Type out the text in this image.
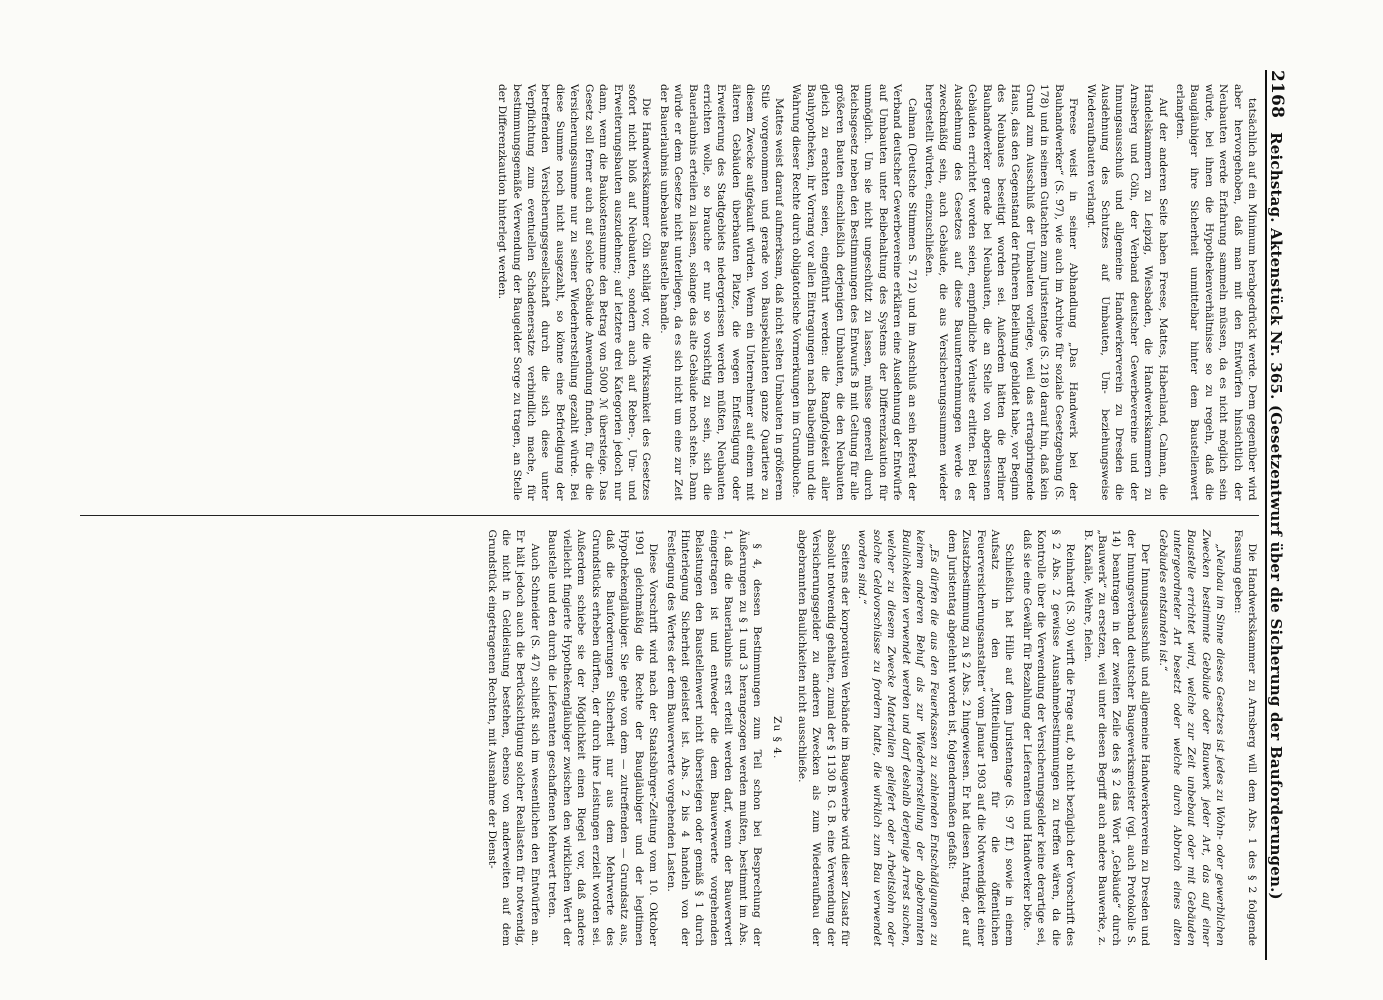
2168
Reichstag. Aktenstück Nr. 365. (Gesetzentwurf über die Sicherung der Bauforderungen.)

tatsächlich auf ein Minimum herabgedrückt werde. Dem gegenüber wird aber hervorgehoben, daß man mit den Entwürfen hinsichtlich der Neubauten werde Erfahrung sammeln müssen, da es nicht möglich sein würde, bei ihnen die Hypothekenverhältnisse so zu regeln, daß die Baugläubiger ihre Sicherheit unmittelbar hinter dem Baustellenwert erlangten.

Auf der anderen Seite haben Freese, Mattes, Habenland, Calman, die Handelskammern zu Leipzig, Wiesbaden, die Handwerkskammern zu Arnsberg und Cöln, der Verband deutscher Gewerbevereine und der Innungsausschuß und allgemeine Handwerkerverein zu Dresden die Ausdehnung des Schutzes auf Umbauten, Um- beziehungsweise Wiederaufbauten verlangt.

Freese weist in seiner Abhandlung „Das Handwerk bei der Bauhandwerker“ (S. 97), wie auch im Archive für soziale Gesetzgebung (S. 178) und in seinem Gutachten zum Juristentage (S. 218) darauf hin, daß kein Grund zum Ausschluß der Umbauten vorliege, weil das ertragbringende Haus, das den Gegenstand der früheren Beleihung gebildet habe, vor Beginn des Neubaues beseitigt worden sei. Außerdem hätten die Berliner Bauhandwerker gerade bei Neubauten, die an Stelle von abgerissenen Gebäuden errichtet worden seien, empfindliche Verluste erlitten. Bei der Ausdehnung des Gesetzes auf diese Bauunternehmungen werde es zweckmäßig sein, auch Gebäude, die aus Versicherungssummen wieder hergestellt würden, einzuschließen.

Calman (Deutsche Stimmen S. 712) und im Anschluß an sein Referat der Verband deutscher Gewerbevereine erklären eine Ausdehnung der Entwürfe auf Umbauten unter Beibehaltung des Systems der Differenzkaution für unmöglich. Um sie nicht ungeschützt zu lassen, müsse generell durch Reichsgesetz neben den Bestimmungen des Entwurfs B mit Geltung für alle größeren Bauten einschließlich derjenigen Umbauten, die den Neubauten gleich zu erachten seien, eingeführt werden: die Rangfolgekeit aller Bauhypotheken, ihr Vorrang vor allen Eintragungen nach Baubeginn und die Wahrung dieser Rechte durch obligatorische Vormerkungen im Grundbuche.

Mattes weist darauf aufmerksam, daß nicht selten Umbauten in größerem Stile vorgenommen und gerade von Bauspekulanten ganze Quartiere zu diesem Zwecke aufgekauft würden. Wenn ein Unternehmer auf einem mit älteren Gebäuden überbauten Platze, die wegen Entfestigung oder Erweiterung des Stadtgebiets niedergerissen werden müßten, Neubauten errichten wolle, so brauche er nur so vorsichtig zu sein, sich die Bauerlaubnis erteilen zu lassen, solange das alte Gebäude noch stehe. Dann würde er dem Gesetze nicht unterliegen, da es sich nicht um eine zur Zeit der Bauerlaubnis unbebaute Baustelle handle.

Die Handwerkskammer Cöln schlägt vor, die Wirksamkeit des Gesetzes sofort nicht bloß auf Neubauten, sondern auch auf Reben-, Um- und Erweiterungsbauten auszudehnen; auf letztere drei Kategorien jedoch nur dann, wenn die Baukostensumme den Betrag von 5000 ℳ übersteige. Das Gesetz soll ferner auch auf solche Gebäude Anwendung finden, für die die Versicherungssumme nur zu seiner Wiederherstellung gezahlt würde. Bei diese Summe noch nicht ausgezahlt, so könne eine Befriedigung der betreffenden Versicherungsgesellschaft durch die sich diese unter Verpflichtung zum eventuellen Schadenersatze verbindlich mache, für bestimmungsgemäße Verwendung der Baugelder Sorge zu tragen, an Stelle der Differenzkaution hinterlegt werden.

Die Handwerkskammer zu Arnsberg will dem Abs. 1 des § 2 folgende Fassung geben:

„Neubau im Sinne dieses Gesetzes ist jedes zu Wohn- oder gewerblichen Zwecken bestimmte Gebäude oder Bauwerk jeder Art, das auf einer Baustelle errichtet wird, welche zur Zeit unbebaut oder mit Gebäuden untergeordneter Art besetzt oder welche durch Abbruch eines alten Gebäudes entstanden ist.“

Der Innungsausschuß und allgemeine Handwerkerverein zu Dresden und der Innungsverband deutscher Baugewerksmeister (vgl. auch Protokolle S. 14) beantragen in der zweiten Zeile des § 2 das Wort „Gebäude“ durch „Bauwerk“ zu ersetzen, weil unter diesen Begriff auch andere Bauwerke, z. B. Kanäle, Wehre, fielen.

Reinhardt (S. 30) wirft die Frage auf, ob nicht bezüglich der Vorschrift des § 2 Abs. 2 gewisse Ausnahmebestimmungen zu treffen wären, da die Kontrolle über die Verwendung der Versicherungsgelder keine derartige sei, daß sie eine Gewähr für Bezahlung der Lieferanten und Handwerker böte.

Schließlich hat Hille auf dem Juristentage (S. 97 ff.) sowie in einem Aufsatz in den „Mitteilungen für die öffentlichen Feuerversicherungsanstalten“ vom Januar 1903 auf die Notwendigkeit einer Zusatzbestimmung zu § 2 Abs. 2 hingewiesen. Er hat diesen Antrag, der auf dem Juristentag abgelehnt worden ist, folgendermaßen gefaßt:

„Es dürfen die aus den Feuerkassen zu zahlenden Entschädigungen zu keinem anderen Behuf als zur Wiederherstellung der abgebrannten Baulichkeiten verwendet werden und darf deshalb derjenige Arrest suchen, welcher zu diesem Zwecke Materialien geliefert oder Arbeitslohn oder solche Geldvorschüsse zu fordern hatte, die wirklich zum Bau verwendet worden sind.“

Seitens der korporativen Verbände im Baugewerbe wird dieser Zusatz für absolut notwendig gehalten, zumal der § 1130 B. G. B. eine Verwendung der Versicherungsgelder zu anderen Zwecken als zum Wiederaufbau der abgebrannten Baulichkeiten nicht ausschließe.

Zu § 4.

§ 4, dessen Bestimmungen zum Teil schon bei Besprechung der Äußerungen zu § 1 und 3 herangezogen werden mußten, bestimmt im Abs. 1, daß die Bauerlaubnis erst erteilt werden darf, wenn der Bauwerwert eingetragen ist und entweder die dem Bauwerwerte vorgehenden Belastungen den Baustellenwert nicht übersteigen oder gemäß § 1 durch Hinterlegung Sicherheit geleistet ist. Abs. 2 bis 4 handeln von der Festlegung des Wertes der dem Bauwerwerte vorgehenden Lasten.

Diese Vorschrift wird nach der Staatsbürger-Zeitung vom 10. Oktober 1901 gleichmäßig die Rechte der Baugläubiger und der legitimen Hypothekengläubiger. Sie gehe von dem — zutreffenden — Grundsatz aus, daß die Bauforderungen Sicherheit nur aus dem Mehrwerte des Grundstücks erheben dürften, der durch ihre Leistungen erzielt worden sei. Außerdem schiebe sie der Möglichkeit einen Riegel vor, daß andere vielleicht fingierte Hypothekengläubiger zwischen den wirklichen Wert der Baustelle und den durch die Lieferanten geschaffenen Mehrwert treten.

Auch Schneider (S. 47) schließt sich im wesentlichen den Entwürfen an. Er hält jedoch auch die Berücksichtigung solcher Reallasten für notwendig, die nicht in Geldleistung bestehen, ebenso von anderweiten auf dem Grundstück eingetragenen Rechten, mit Ausnahme der Dienst-
